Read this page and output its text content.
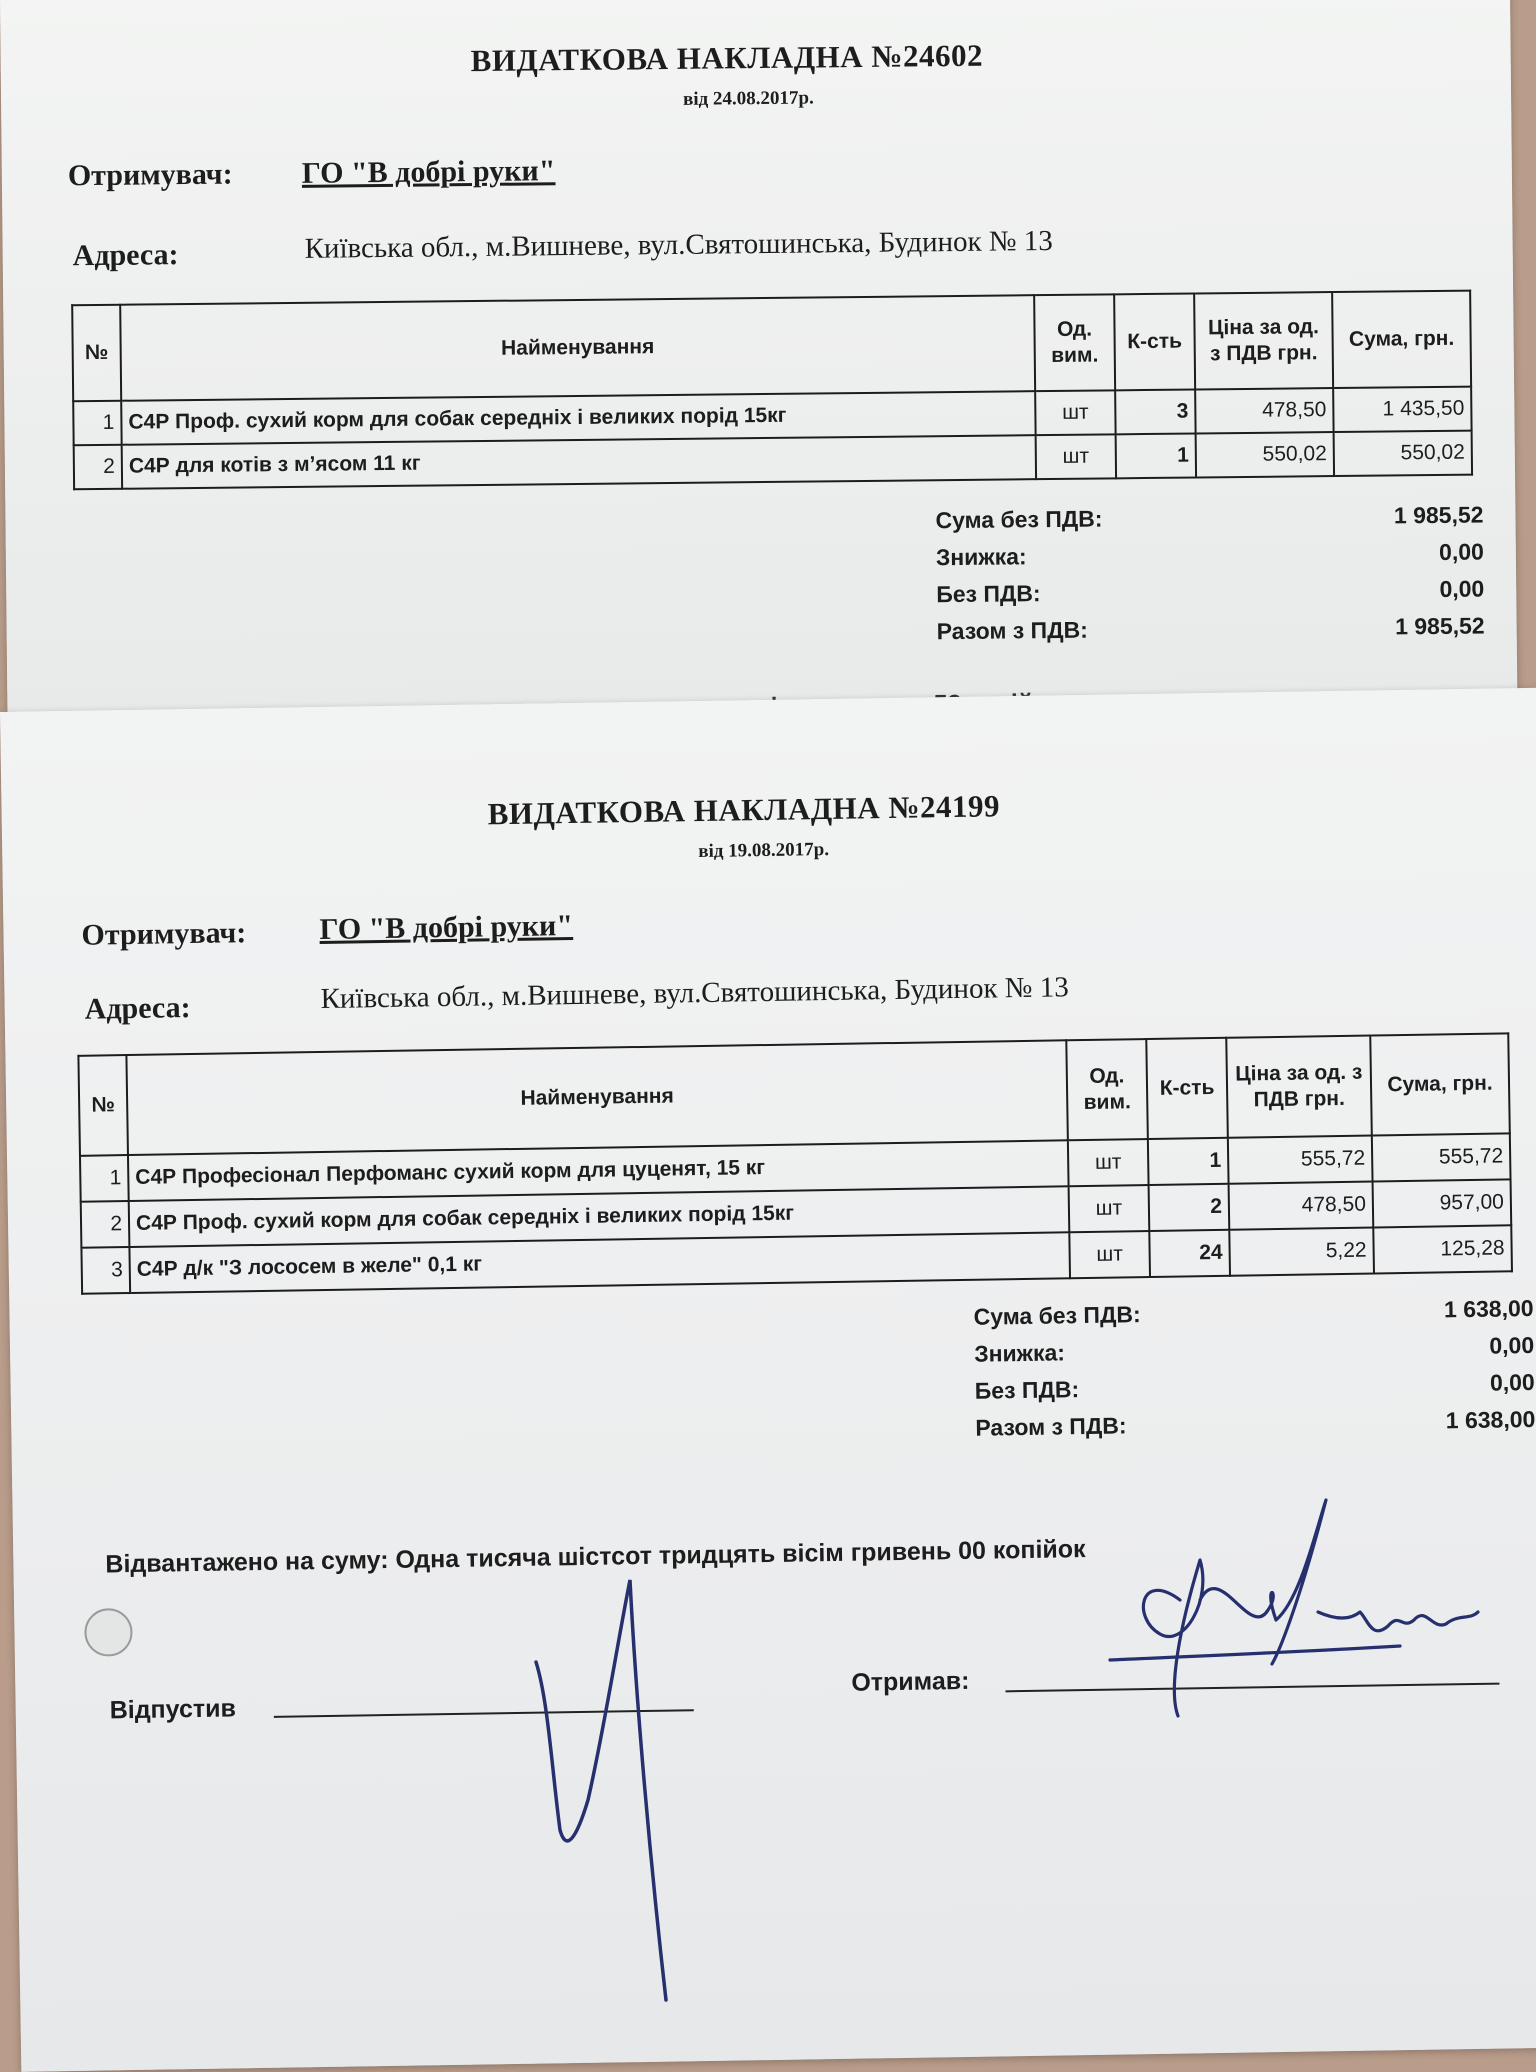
ВИДАТКОВА НАКЛАДНА №24602
від 24.08.2017р.
Отримувач: ГО "В добрі руки"
Адреса:	Київська обл., м.Вишневе, вул.Святошинська, Будинок № 13
№	Найменування	Од. вим.	К-сть	Ціна за од. з ПДВ грн.	Сума, грн.
1	С4Р Проф. сухий корм для собак середніх і великих порід 15кг	шт	3	478,50	1 435,50
2	С4Р для котів з м’ясом 11 кг	шт	1	550,02	550,02
Сума без ПДВ:	1 985,52
Знижка:	0,00
Без ПДВ:	0,00
Разом з ПДВ:	1 985,52
ВИДАТКОВА НАКЛАДНА №24199
від 19.08.2017р.
Отримувач: ГО "В добрі руки"
Адреса:	Київська обл., м.Вишневе, вул.Святошинська, Будинок № 13
№	Найменування	Од. вим.	К-сть	Ціна за од. з ПДВ грн.	Сума, грн.
1	С4Р Професіонал Перфоманс сухий корм для цуценят, 15 кг	шт	1	555,72	555,72
2	С4Р Проф. сухий корм для собак середніх і великих порід 15кг	шт	2	478,50	957,00
3	С4Р д/к "З лососем в желе" 0,1 кг	шт	24	5,22	125,28
Сума без ПДВ:	1 638,00
Знижка:	0,00
Без ПДВ:	0,00
Разом з ПДВ:	1 638,00
Відвантажено на суму: Одна тисяча шістсот тридцять вісім гривень 00 копійок
Відпустив
Отримав:
